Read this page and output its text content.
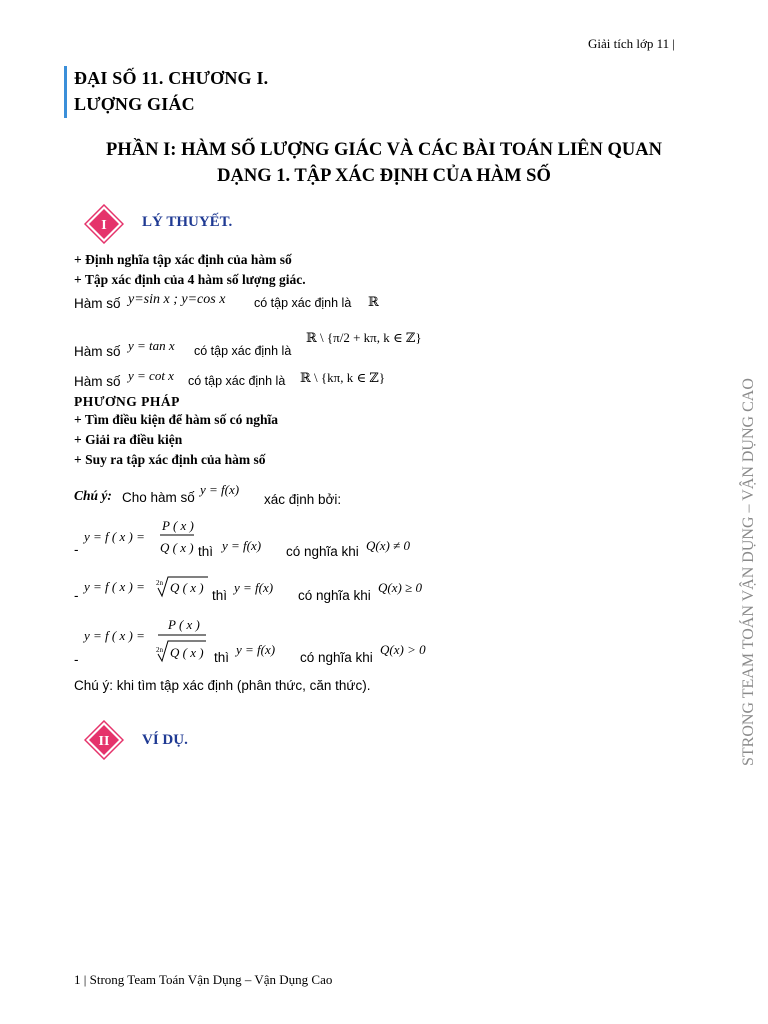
Giải tích lớp 11 |
ĐẠI SỐ 11. CHƯƠNG I.
LƯỢNG GIÁC
PHẦN I: HÀM SỐ LƯỢNG GIÁC VÀ CÁC BÀI TOÁN LIÊN QUAN
DẠNG 1. TẬP XÁC ĐỊNH CỦA HÀM SỐ
I LÝ THUYẾT.
+ Định nghĩa tập xác định của hàm số
+ Tập xác định của 4 hàm số lượng giác.
Hàm số y=sin x ; y=cos x có tập xác định là ℝ
Hàm số y = tan x có tập xác định là
ℝ \ {π/2 + kπ, k ∈ ℤ}
Hàm số y = cot x có tập xác định là ℝ \ {kπ, k ∈ ℤ}
PHƯƠNG PHÁP
+ Tìm điều kiện để hàm số có nghĩa
+ Giải ra điều kiện
+ Suy ra tập xác định của hàm số
Chú ý: Cho hàm số
y = f(x)
xác định bởi:
-
y = f ( x ) =
P ( x )
Q ( x ) thì y = f(x) có nghĩa khi Q(x) ≠ 0
-
y = f ( x ) = 2n Q ( x )
thì
y = f(x)
có nghĩa khi
Q(x) ≥ 0
-
y = f ( x ) =
P ( x )
2n Q ( x ) thì
y = f(x)
có nghĩa khi
Q(x) > 0
Chú ý: khi tìm tập xác định (phân thức, căn thức).
II VÍ DỤ.	STRONG TEAM TOÁN VẬN DỤNG – VẬN DỤNG CAO
1 | Strong Team Toán Vận Dụng – Vận Dụng Cao
